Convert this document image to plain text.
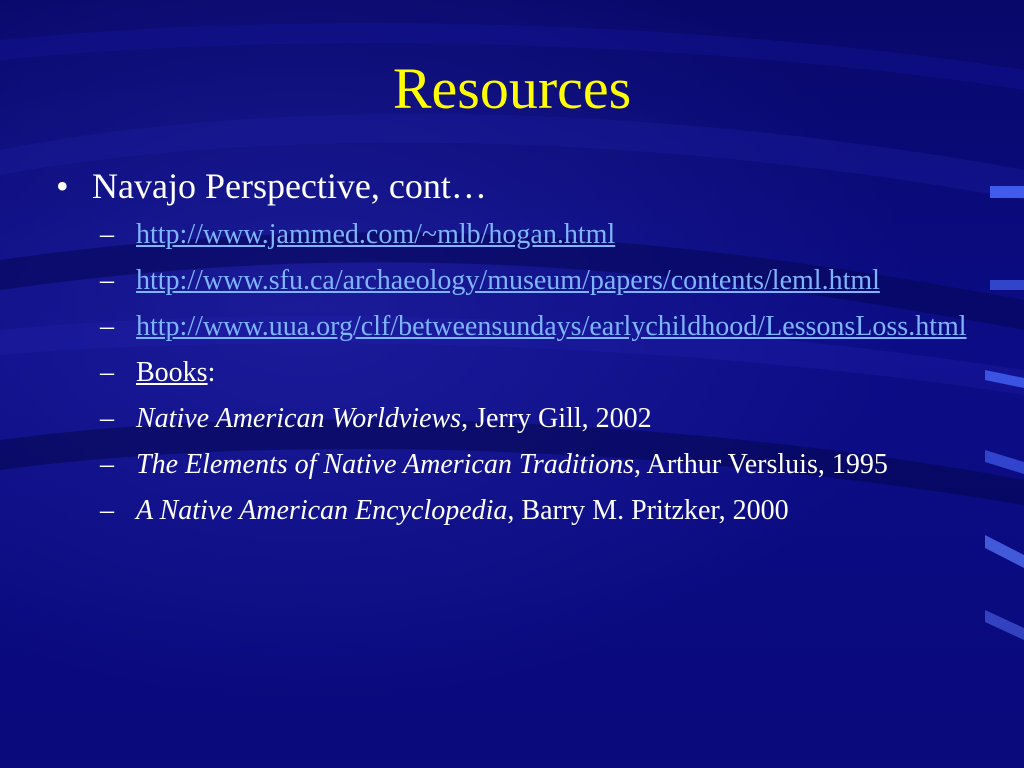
Resources
• Navajo Perspective, cont…
– http://www.jammed.com/~mlb/hogan.html
– http://www.sfu.ca/archaeology/museum/papers/contents/leml.html
– http://www.uua.org/clf/betweensundays/earlychildhood/LessonsLoss.html
– Books:
– Native American Worldviews, Jerry Gill, 2002
– The Elements of Native American Traditions, Arthur Versluis, 1995
– A Native American Encyclopedia, Barry M. Pritzker, 2000
